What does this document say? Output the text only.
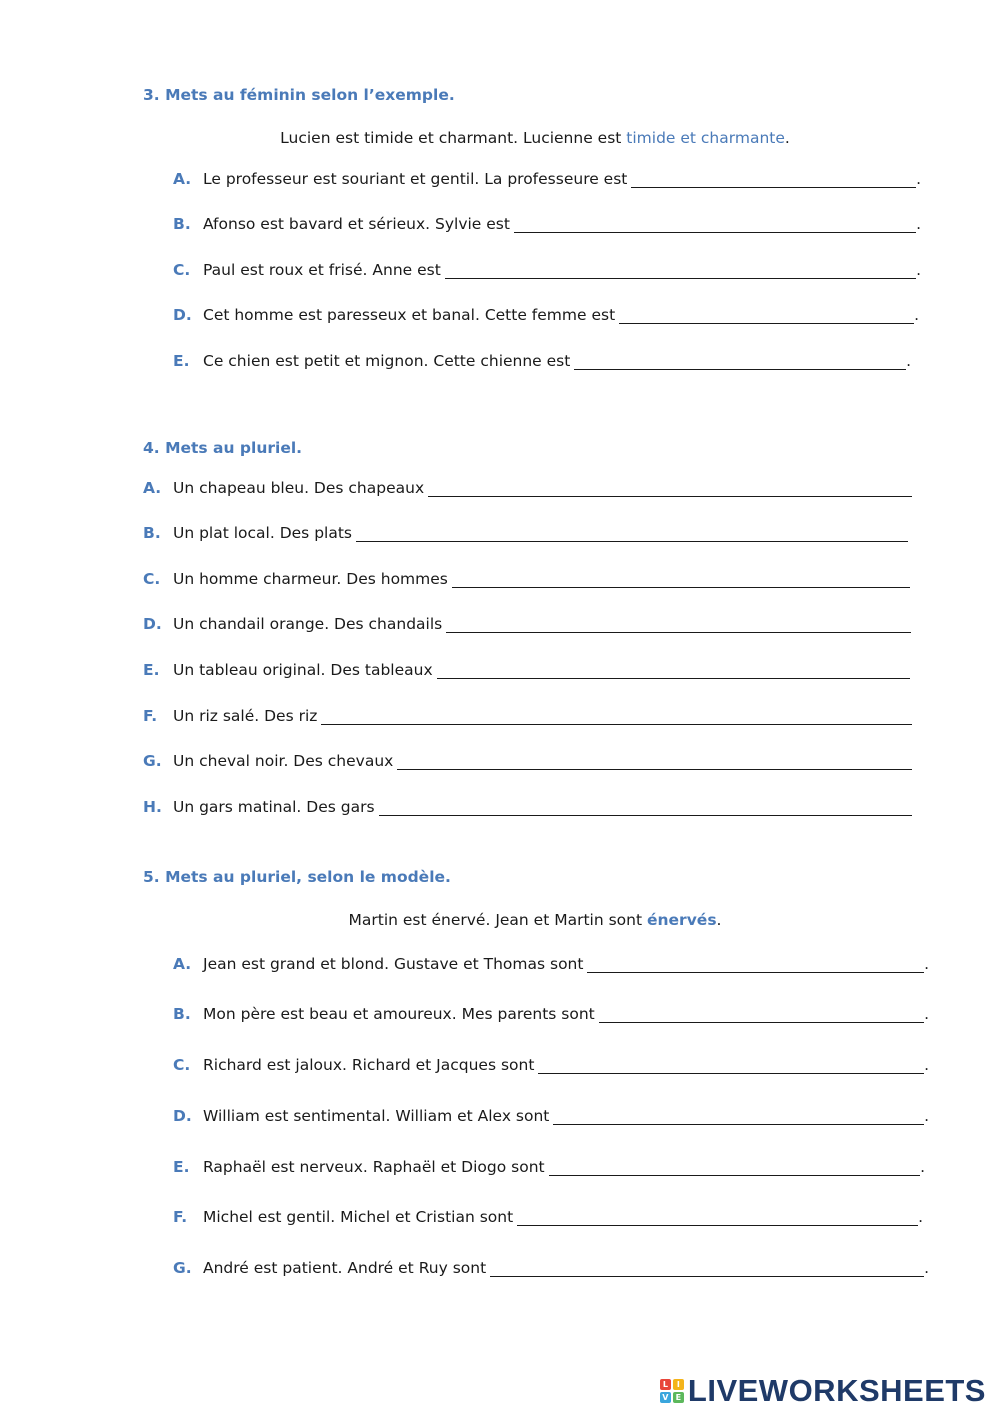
3. Mets au féminin selon l’exemple.
Lucien est timide et charmant. Lucienne est timide et charmante.
A. Le professeur est souriant et gentil. La professeure est	.
B. Afonso est bavard et sérieux. Sylvie est	.
C. Paul est roux et frisé. Anne est	.
D. Cet homme est paresseux et banal. Cette femme est	.
E. Ce chien est petit et mignon. Cette chienne est	.
4. Mets au pluriel.
A. Un chapeau bleu. Des chapeaux
B. Un plat local. Des plats
C. Un homme charmeur. Des hommes
D. Un chandail orange. Des chandails
E. Un tableau original. Des tableaux
F.	Un riz salé. Des riz
G. Un cheval noir. Des chevaux
H. Un gars matinal. Des gars
5. Mets au pluriel, selon le modèle.
Martin est énervé. Jean et Martin sont énervés.
A. Jean est grand et blond. Gustave et Thomas sont	.
B. Mon père est beau et amoureux. Mes parents sont	.
C. Richard est jaloux. Richard et Jacques sont	.
D. William est sentimental. William et Alex sont	.
E. Raphaël est nerveux. Raphaël et Diogo sont	.
F.	Michel est gentil. Michel et Cristian sont	.
G. André est patient. André et Ruy sont	.
L	I
V E LIVEWORKSHEETS
